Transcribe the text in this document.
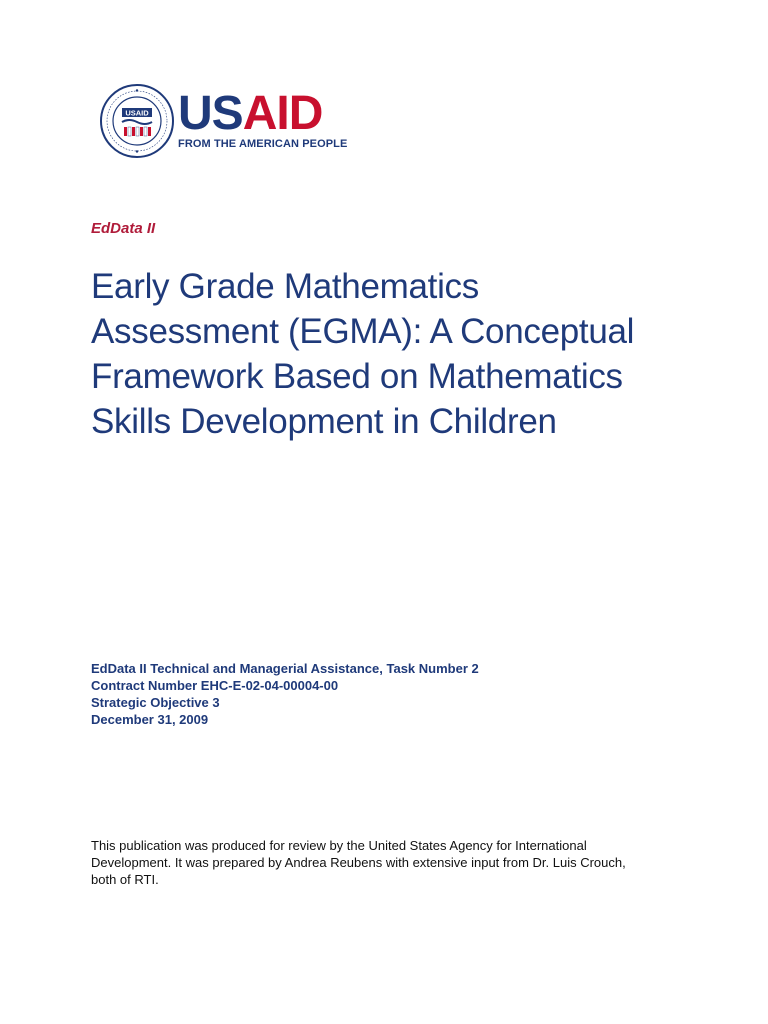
USAID USAID
FROM THE AMERICAN PEOPLE
EdData II
Early Grade Mathematics
Assessment (EGMA): A Conceptual
Framework Based on Mathematics
Skills Development in Children
EdData II Technical and Managerial Assistance, Task Number 2
Contract Number EHC-E-02-04-00004-00
Strategic Objective 3
December 31, 2009

This publication was produced for review by the United States Agency for International Development. It was prepared by Andrea Reubens with extensive input from Dr. Luis Crouch, both of RTI.
